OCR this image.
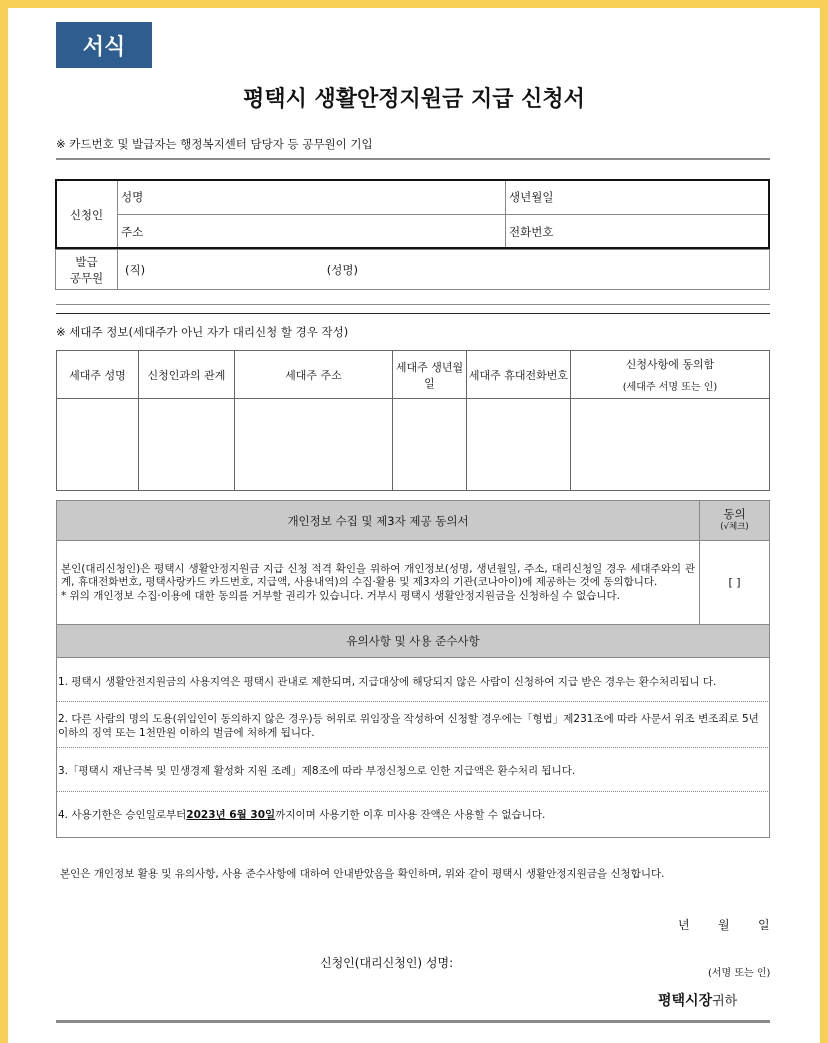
서식
평택시 생활안정지원금 지급 신청서
※ 카드번호 및 발급자는 행정복지센터 담당자 등 공무원이 기입
신청인	성명	생년월일
	주소	전화번호
발급
공무원	(직) (성명)	
※ 세대주 정보(세대주가 아닌 자가 대리신청 할 경우 작성)
세대주 성명	신청인과의 관계	세대주 주소	세대주 생년월일	세대주 휴대전화번호	신청사항에 동의함
(세대주 서명 또는 인)

개인정보 수집 및 제3자 제공 동의서	동의
(√체크)

본인(대리신청인)은 평택시 생활안정지원금 지급 신청 적격 확인을 위하여 개인정보(성명, 생년월일, 주소, 대리신청일 경우 세대주와의 관계, 휴대전화번호, 평택사랑카드 카드번호, 지급액, 사용내역)의 수집·활용 및 제3자의 기관(코나아이)에 제공하는 것에 동의합니다.
* 위의 개인정보 수집·이용에 대한 동의를 거부할 권리가 있습니다. 거부시 평택시 생활안정지원금을 신청하실 수 없습니다.	[ ]
유의사항 및 사용 준수사항
1. 평택시 생활안전지원금의 사용지역은 평택시 관내로 제한되며, 지급대상에 해당되지 않은 사람이 신청하여 지급 받은 경우는 환수처리됩니 다.
2. 다른 사람의 명의 도용(위임인이 동의하지 않은 경우)등 허위로 위임장을 작성하여 신청할 경우에는「형법」제231조에 따라 사문서 위조 변조죄로 5년 이하의 징역 또는 1천만원 이하의 벌금에 처하게 됩니다.
3.「평택시 재난극복 및 민생경제 활성화 지원 조례」제8조에 따라 부정신청으로 인한 지급액은 환수처리 됩니다.
4. 사용기한은 승인일로부터 2023년 6월 30일 까지이며 사용기한 이후 미사용 잔액은 사용할 수 없습니다.
본인은 개인정보 활용 및 유의사항, 사용 준수사항에 대하여 안내받았음을 확인하며, 위와 같이 평택시 생활안정지원금을 신청합니다.
년 월 일
신청인(대리신청인) 성명:
(서명 또는 인)
평택시장귀하
